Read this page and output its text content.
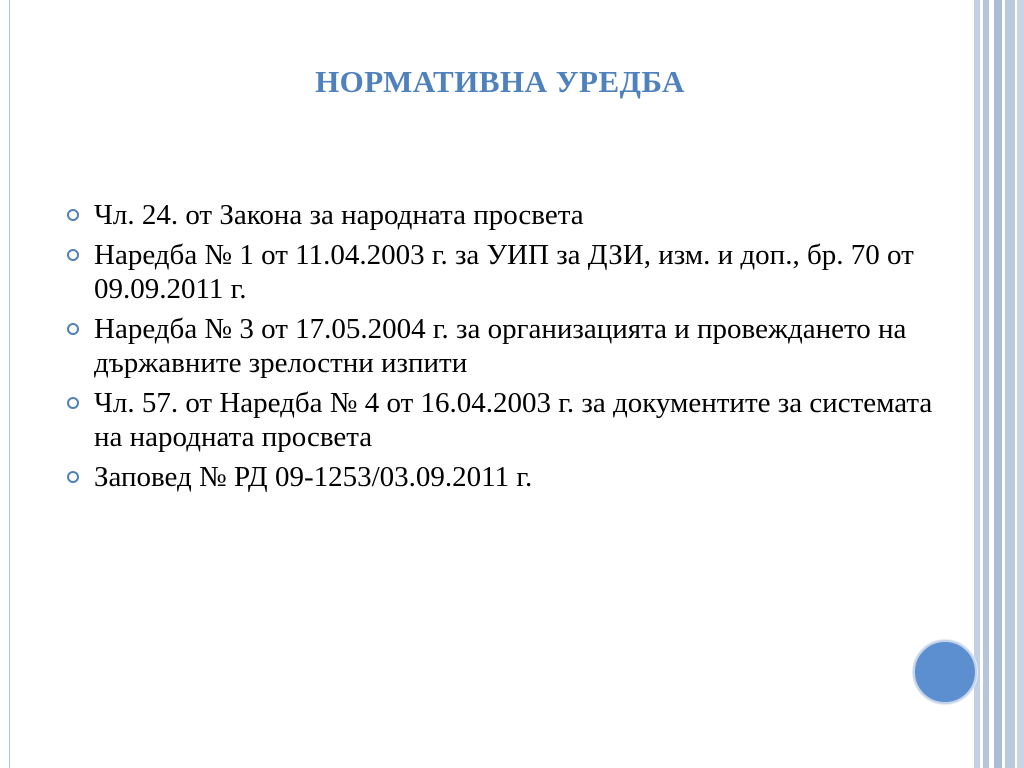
НОРМАТИВНА УРЕДБА
Чл. 24. от Закона за народната просвета
Наредба № 1 от 11.04.2003 г. за УИП за ДЗИ, изм. и доп., бр. 70 от 09.09.2011 г.
Наредба № 3 от 17.05.2004 г. за организацията и провеждането на държавните зрелостни изпити
Чл. 57. от Наредба № 4 от 16.04.2003 г. за документите за системата на народната просвета
Заповед № РД 09-1253/03.09.2011 г.
